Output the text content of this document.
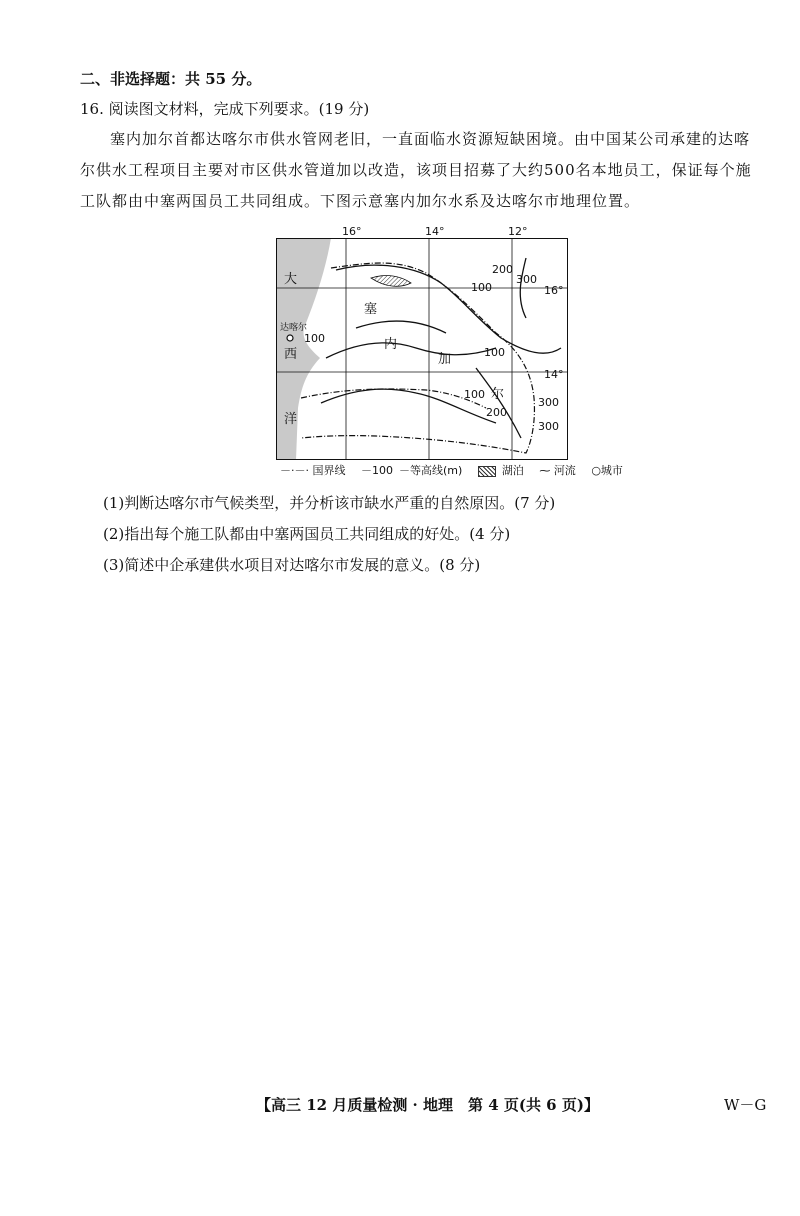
二、非选择题：共 55 分。
16. 阅读图文材料，完成下列要求。(19 分)
塞内加尔首都达喀尔市供水管网老旧，一直面临水资源短缺困境。由中国某公司承建的达喀尔供水工程项目主要对市区供水管道加以改造，该项目招募了大约500名本地员工，保证每个施工队都由中塞两国员工共同组成。下图示意塞内加尔水系及达喀尔市地理位置。
16°	14°	12°
16°
14°
大
西
洋
塞
内
加
尔
达喀尔
100
100
100
100
200
200
300
300
300
－·－· 国界线 －100 －等高线(m)	湖泊 ⁓ 河流 ○城市
(1)判断达喀尔市气候类型，并分析该市缺水严重的自然原因。(7 分)
(2)指出每个施工队都由中塞两国员工共同组成的好处。(4 分)
(3)简述中企承建供水项目对达喀尔市发展的意义。(8 分)
【高三 12 月质量检测 · 地理　第 4 页(共 6 页)】	W－G
